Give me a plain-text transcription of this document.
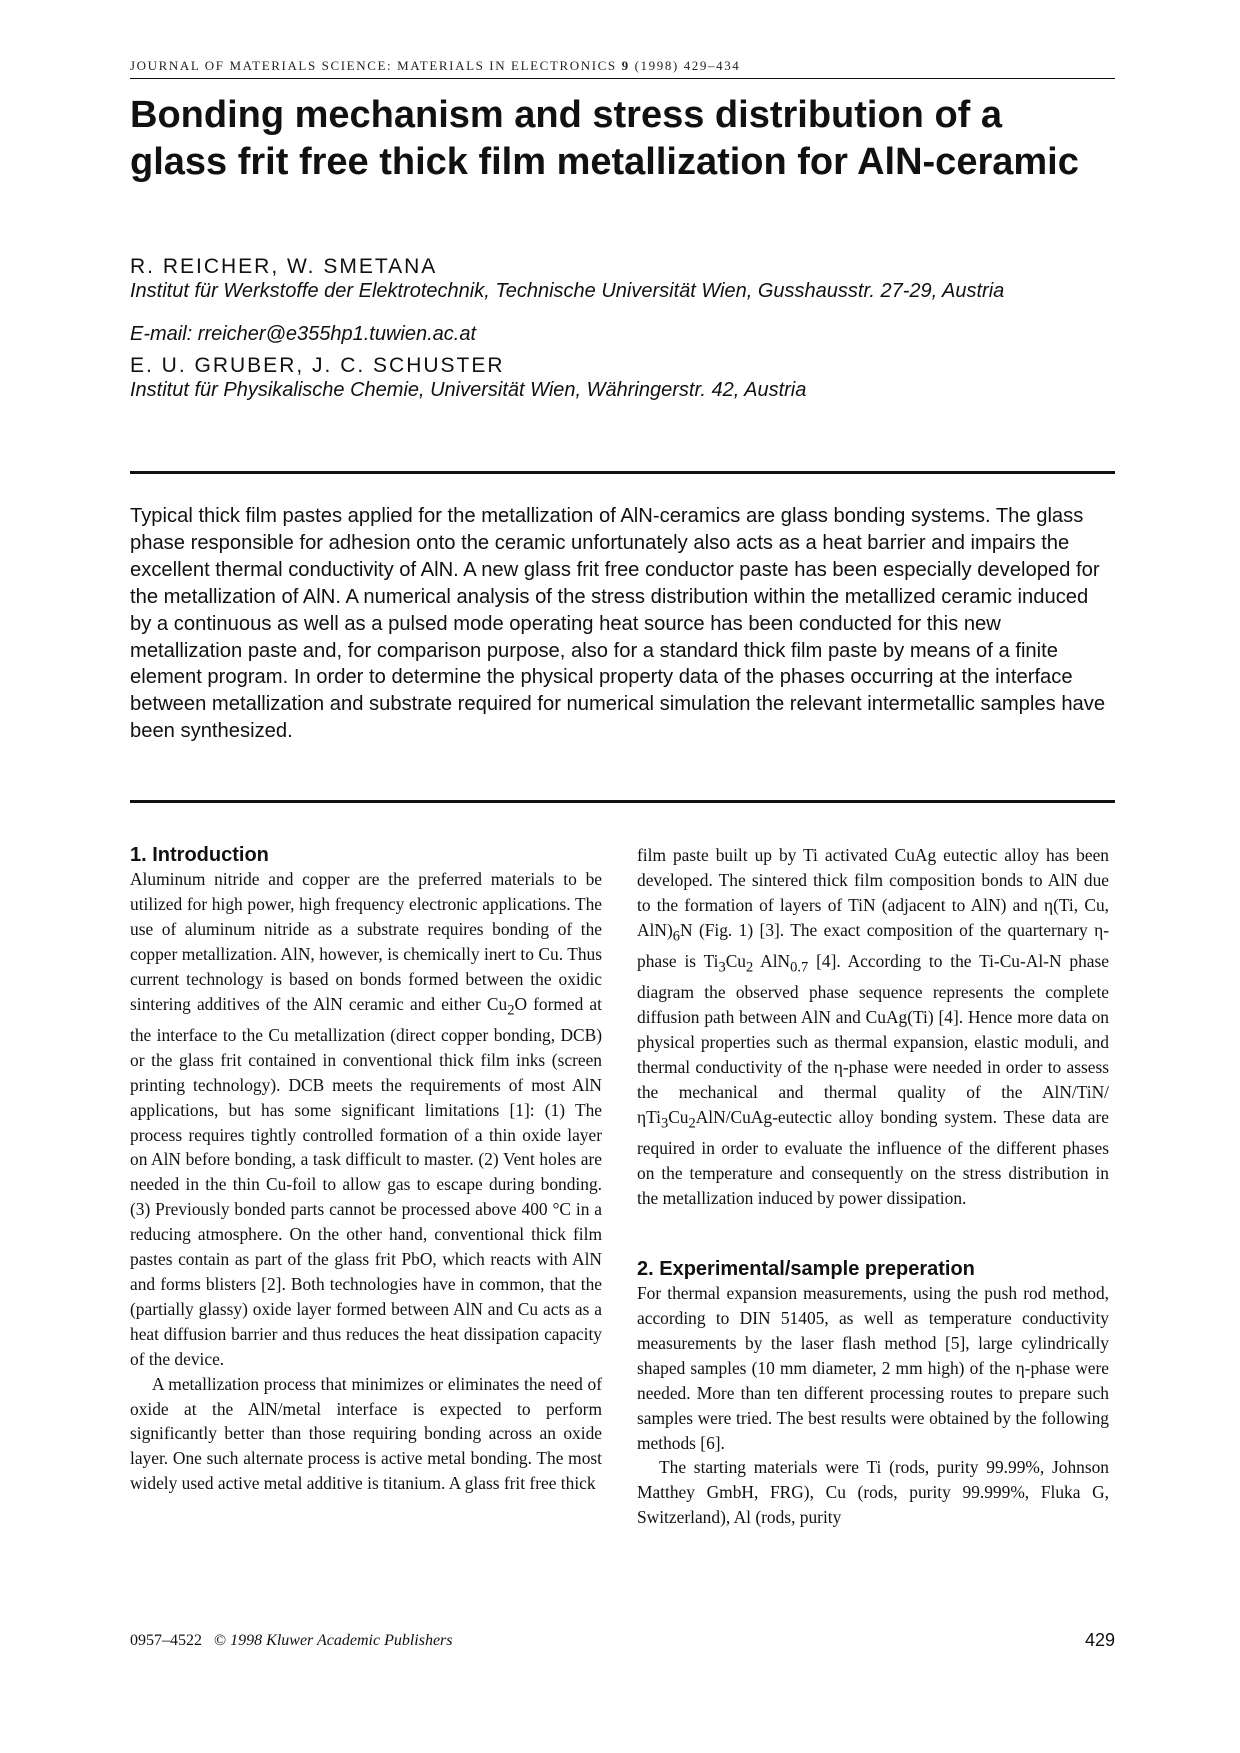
JOURNAL OF MATERIALS SCIENCE: MATERIALS IN ELECTRONICS 9 (1998) 429–434
Bonding mechanism and stress distribution of a glass frit free thick film metallization for AlN-ceramic
R. REICHER, W. SMETANA
Institut für Werkstoffe der Elektrotechnik, Technische Universität Wien, Gusshausstr. 27-29, Austria
E-mail: rreicher@e355hp1.tuwien.ac.at
E. U. GRUBER, J. C. SCHUSTER
Institut für Physikalische Chemie, Universität Wien, Währingerstr. 42, Austria

Typical thick film pastes applied for the metallization of AlN-ceramics are glass bonding systems. The glass phase responsible for adhesion onto the ceramic unfortunately also acts as a heat barrier and impairs the excellent thermal conductivity of AlN. A new glass frit free conductor paste has been especially developed for the metallization of AlN. A numerical analysis of the stress distribution within the metallized ceramic induced by a continuous as well as a pulsed mode operating heat source has been conducted for this new metallization paste and, for comparison purpose, also for a standard thick film paste by means of a finite element program. In order to determine the physical property data of the phases occurring at the interface between metallization and substrate required for numerical simulation the relevant intermetallic samples have been synthesized.

1. Introduction

Aluminum nitride and copper are the preferred materials to be utilized for high power, high frequency electronic applications. The use of aluminum nitride as a substrate requires bonding of the copper metallization. AlN, however, is chemically inert to Cu. Thus current technology is based on bonds formed between the oxidic sintering additives of the AlN ceramic and either $Cu_2O$ formed at the interface to the Cu metallization (direct copper bonding, DCB) or the glass frit contained in conventional thick film inks (screen printing technology). DCB meets the requirements of most AlN applications, but has some significant limitations [1]: (1) The process requires tightly controlled formation of a thin oxide layer on AlN before bonding, a task difficult to master. (2) Vent holes are needed in the thin Cu-foil to allow gas to escape during bonding. (3) Previously bonded parts cannot be processed above 400 °C in a reducing atmosphere. On the other hand, conventional thick film pastes contain as part of the glass frit PbO, which reacts with AlN and forms blisters [2]. Both technologies have in common, that the (partially glassy) oxide layer formed between AlN and Cu acts as a heat diffusion barrier and thus reduces the heat dissipation capacity of the device.

A metallization process that minimizes or eliminates the need of oxide at the AlN/metal interface is expected to perform significantly better than those requiring bonding across an oxide layer. One such alternate process is active metal bonding. The most widely used active metal additive is titanium. A glass frit free thick

film paste built up by Ti activated CuAg eutectic alloy has been developed. The sintered thick film composition bonds to AlN due to the formation of layers of TiN (adjacent to AlN) and η(Ti, Cu, $AlN)_6N$ (Fig. 1) [3]. The exact composition of the quarternary η-phase is $Ti_3Cu_2$ AlN$_{0.7}$ [4]. According to the Ti-Cu-Al-N phase diagram the observed phase sequence represents the complete diffusion path between AlN and CuAg(Ti) [4]. Hence more data on physical properties such as thermal expansion, elastic moduli, and thermal conductivity of the η-phase were needed in order to assess the mechanical and thermal quality of the AlN/TiN/ $\eta Ti_3Cu_2AlN/CuAg$-eutectic alloy bonding system. These data are required in order to evaluate the influence of the different phases on the temperature and consequently on the stress distribution in the metallization induced by power dissipation.

2. Experimental/sample preperation

For thermal expansion measurements, using the push rod method, according to DIN 51405, as well as temperature conductivity measurements by the laser flash method [5], large cylindrically shaped samples (10 mm diameter, 2 mm high) of the η-phase were needed. More than ten different processing routes to prepare such samples were tried. The best results were obtained by the following methods [6].

The starting materials were Ti (rods, purity 99.99%, Johnson Matthey GmbH, FRG), Cu (rods, purity 99.999%, Fluka G, Switzerland), Al (rods, purity

0957–4522 © 1998 Kluwer Academic Publishers	429
